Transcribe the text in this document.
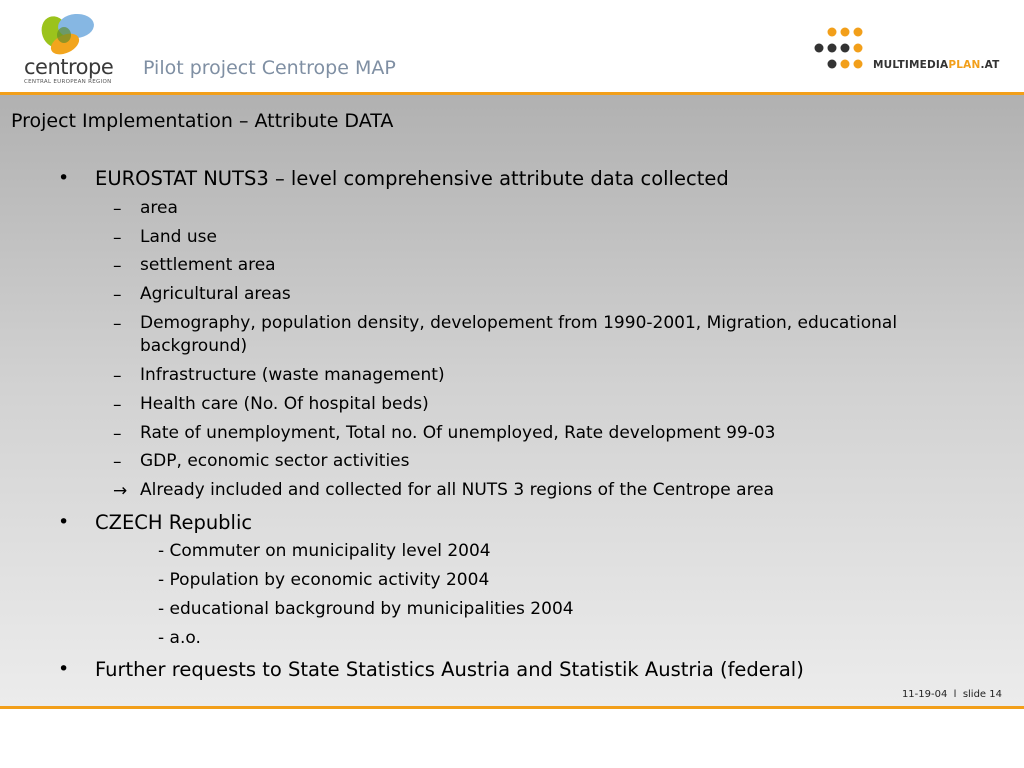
centrope
CENTRAL EUROPEAN REGION
Pilot project Centrope MAP	MULTIMEDIAPLAN.AT
Project Implementation – Attribute DATA
• EUROSTAT NUTS3 – level comprehensive attribute data collected
– area
– Land use
– settlement area
– Agricultural areas
– Demography, population density, developement from 1990-2001, Migration, educational background)
– Infrastructure (waste management)
– Health care (No. Of hospital beds)
– Rate of unemployment, Total no. Of unemployed, Rate development 99-03
– GDP, economic sector activities
→ Already included and collected for all NUTS 3 regions of the Centrope area
• CZECH Republic
- Commuter on municipality level 2004
- Population by economic activity 2004
- educational background by municipalities 2004
- a.o.
• Further requests to State Statistics Austria and Statistik Austria (federal)
11-19-04  l  slide 14
